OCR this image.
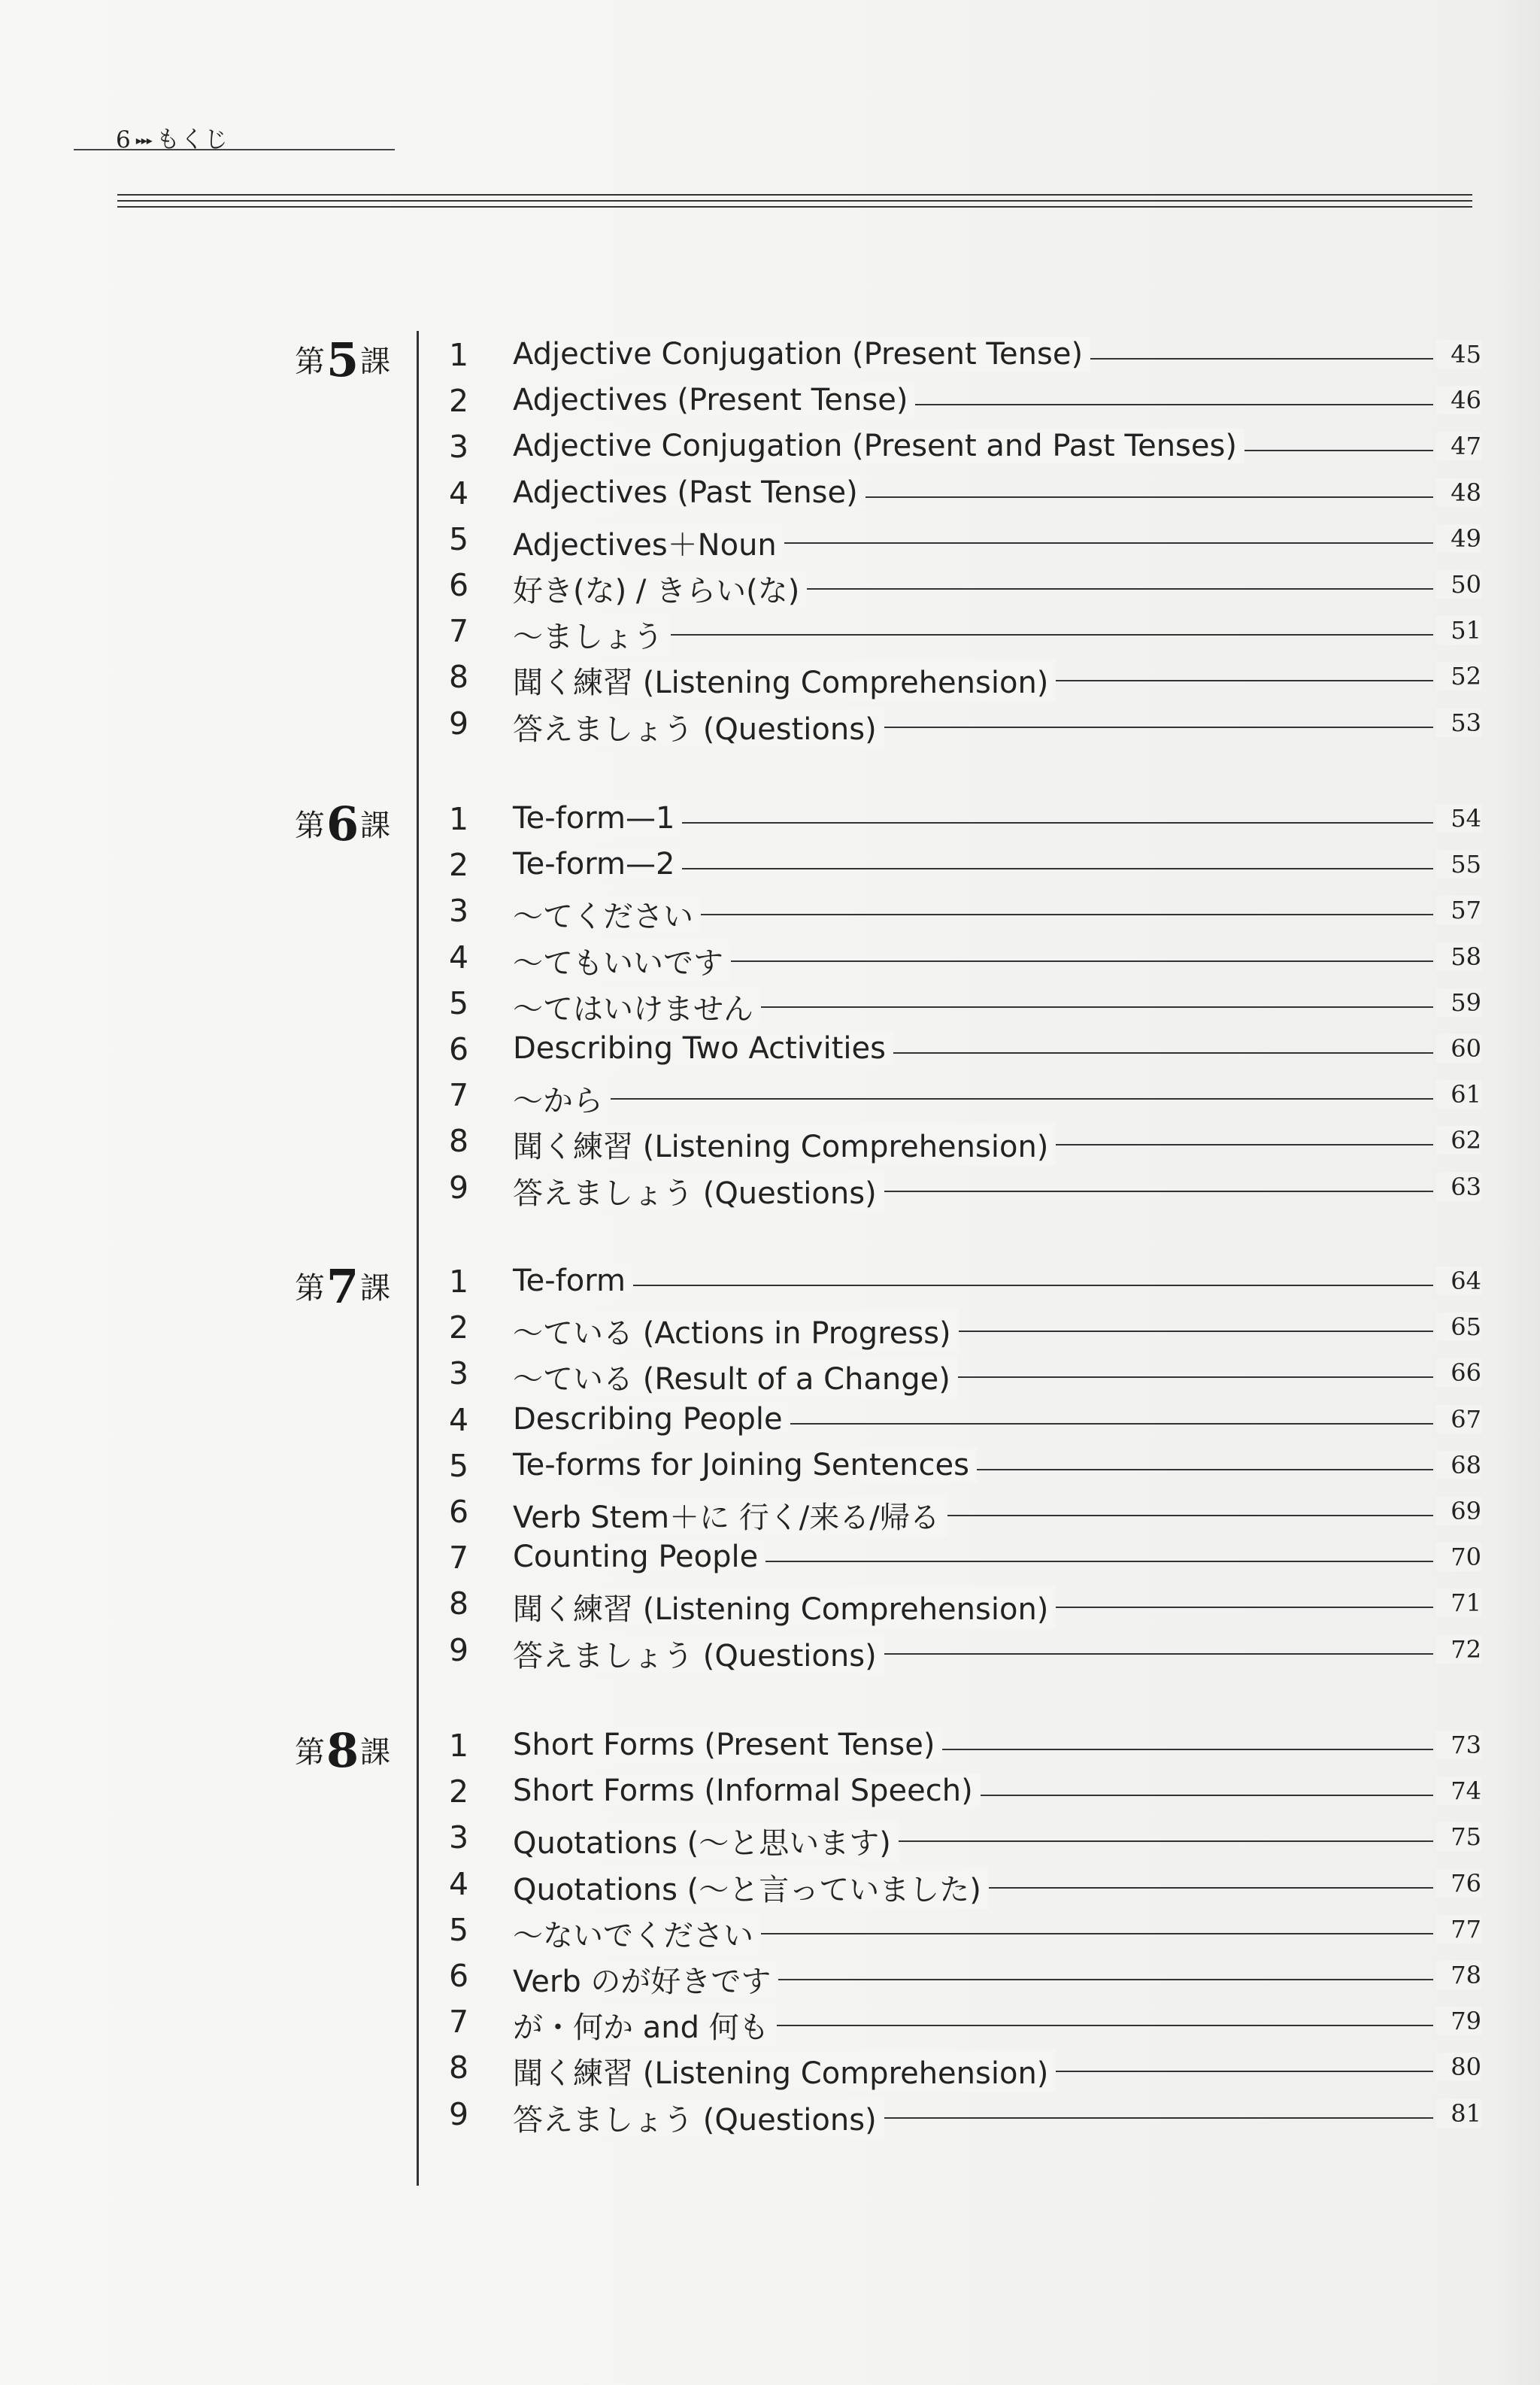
6 ▸▸▸ もくじ
第5課	1 Adjective Conjugation (Present Tense)	45
2 Adjectives (Present Tense)	46
3 Adjective Conjugation (Present and Past Tenses)	47
4 Adjectives (Past Tense)	48
5 Adjectives＋Noun	49
6 好き(な) / きらい(な)	50
7 〜ましょう	51
8 聞く練習 (Listening Comprehension)	52
9 答えましょう (Questions)	53
第6課	1 Te-form—1	54
2 Te-form—2	55
3 〜てください	57
4 〜てもいいです	58
5 〜てはいけません	59
6 Describing Two Activities	60
7 〜から	61
8 聞く練習 (Listening Comprehension)	62
9 答えましょう (Questions)	63
第7課	1 Te-form	64
2 〜ている (Actions in Progress)	65
3 〜ている (Result of a Change)	66
4 Describing People	67
5 Te-forms for Joining Sentences	68
6 Verb Stem＋に 行く/来る/帰る	69
7 Counting People	70
8 聞く練習 (Listening Comprehension)	71
9 答えましょう (Questions)	72
第8課	1 Short Forms (Present Tense)	73
2 Short Forms (Informal Speech)	74
3 Quotations (〜と思います)	75
4 Quotations (〜と言っていました)	76
5 〜ないでください	77
6 Verb のが好きです	78
7 が・何か and 何も	79
8 聞く練習 (Listening Comprehension)	80
9 答えましょう (Questions)	81
